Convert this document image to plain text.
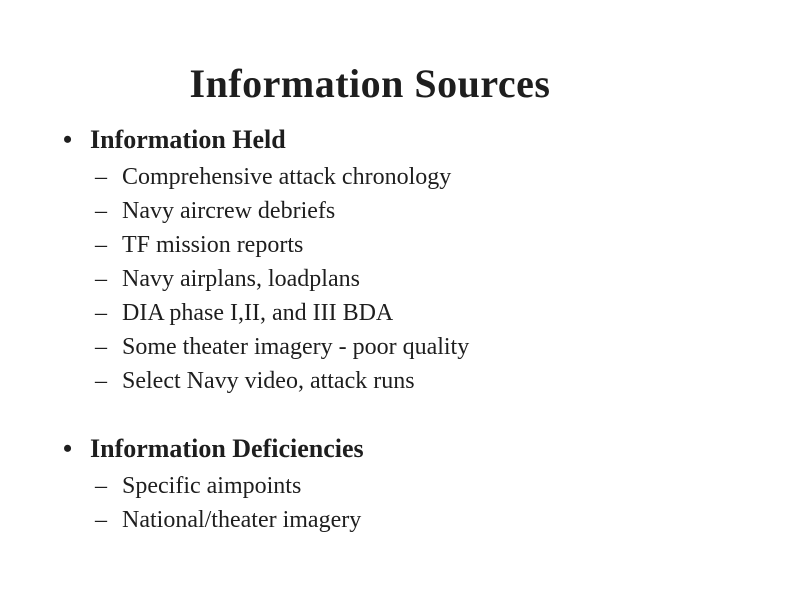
Information Sources
• Information Held
– Comprehensive attack chronology
– Navy aircrew debriefs
– TF mission reports
– Navy airplans, loadplans
– DIA phase I,II, and III BDA
– Some theater imagery - poor quality
– Select Navy video, attack runs
• Information Deficiencies
– Specific aimpoints
– National/theater imagery
